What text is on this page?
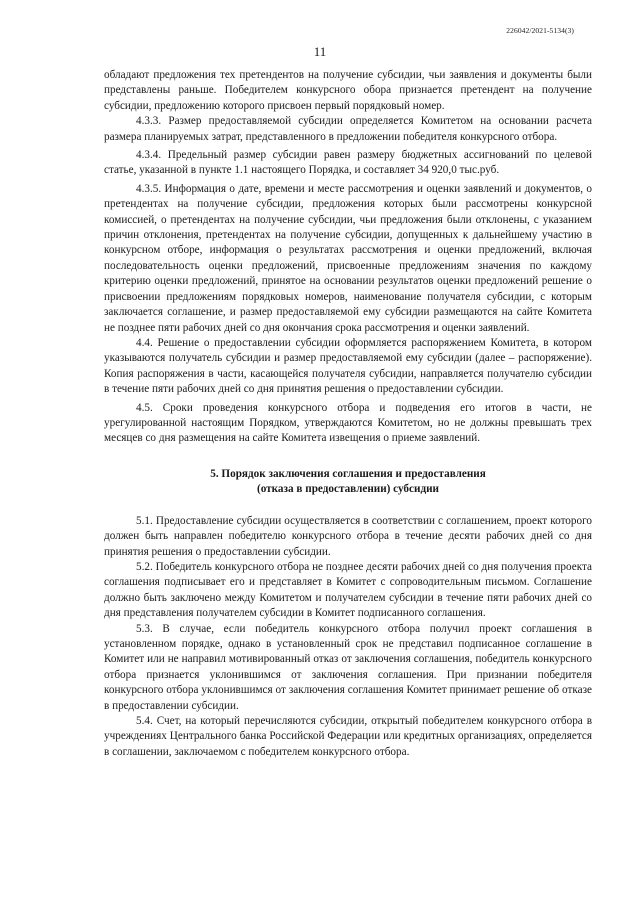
226042/2021-5134(3)
11

обладают предложения тех претендентов на получение субсидии, чьи заявления и документы были представлены раньше. Победителем конкурсного обора признается претендент на получение субсидии, предложению которого присвоен первый порядковый номер.

4.3.3. Размер предоставляемой субсидии определяется Комитетом на основании расчета размера планируемых затрат, представленного в предложении победителя конкурсного отбора.

4.3.4. Предельный размер субсидии равен размеру бюджетных ассигнований по целевой статье, указанной в пункте 1.1 настоящего Порядка, и составляет 34 920,0 тыс.руб.

4.3.5. Информация о дате, времени и месте рассмотрения и оценки заявлений и документов, о претендентах на получение субсидии, предложения которых были рассмотрены конкурсной комиссией, о претендентах на получение субсидии, чьи предложения были отклонены, с указанием причин отклонения, претендентах на получение субсидии, допущенных к дальнейшему участию в конкурсном отборе, информация о результатах рассмотрения и оценки предложений, включая последовательность оценки предложений, присвоенные предложениям значения по каждому критерию оценки предложений, принятое на основании результатов оценки предложений решение о присвоении предложениям порядковых номеров, наименование получателя субсидии, с которым заключается соглашение, и размер предоставляемой ему субсидии размещаются на сайте Комитета не позднее пяти рабочих дней со дня окончания срока рассмотрения и оценки заявлений.

4.4. Решение о предоставлении субсидии оформляется распоряжением Комитета, в котором указываются получатель субсидии и размер предоставляемой ему субсидии (далее – распоряжение). Копия распоряжения в части, касающейся получателя субсидии, направляется получателю субсидии в течение пяти рабочих дней со дня принятия решения о предоставлении субсидии.

4.5. Сроки проведения конкурсного отбора и подведения его итогов в части, не урегулированной настоящим Порядком, утверждаются Комитетом, но не должны превышать трех месяцев со дня размещения на сайте Комитета извещения о приеме заявлений.

5. Порядок заключения соглашения и предоставления
(отказа в предоставлении) субсидии

5.1. Предоставление субсидии осуществляется в соответствии с соглашением, проект которого должен быть направлен победителю конкурсного отбора в течение десяти рабочих дней со дня принятия решения о предоставлении субсидии.

5.2. Победитель конкурсного отбора не позднее десяти рабочих дней со дня получения проекта соглашения подписывает его и представляет в Комитет с сопроводительным письмом. Соглашение должно быть заключено между Комитетом и получателем субсидии в течение пяти рабочих дней со дня представления получателем субсидии в Комитет подписанного соглашения.

5.3. В случае, если победитель конкурсного отбора получил проект соглашения в установленном порядке, однако в установленный срок не представил подписанное соглашение в Комитет или не направил мотивированный отказ от заключения соглашения, победитель конкурсного отбора признается уклонившимся от заключения соглашения. При признании победителя конкурсного отбора уклонившимся от заключения соглашения Комитет принимает решение об отказе в предоставлении субсидии.

5.4. Счет, на который перечисляются субсидии, открытый победителем конкурсного отбора в учреждениях Центрального банка Российской Федерации или кредитных организациях, определяется в соглашении, заключаемом с победителем конкурсного отбора.
